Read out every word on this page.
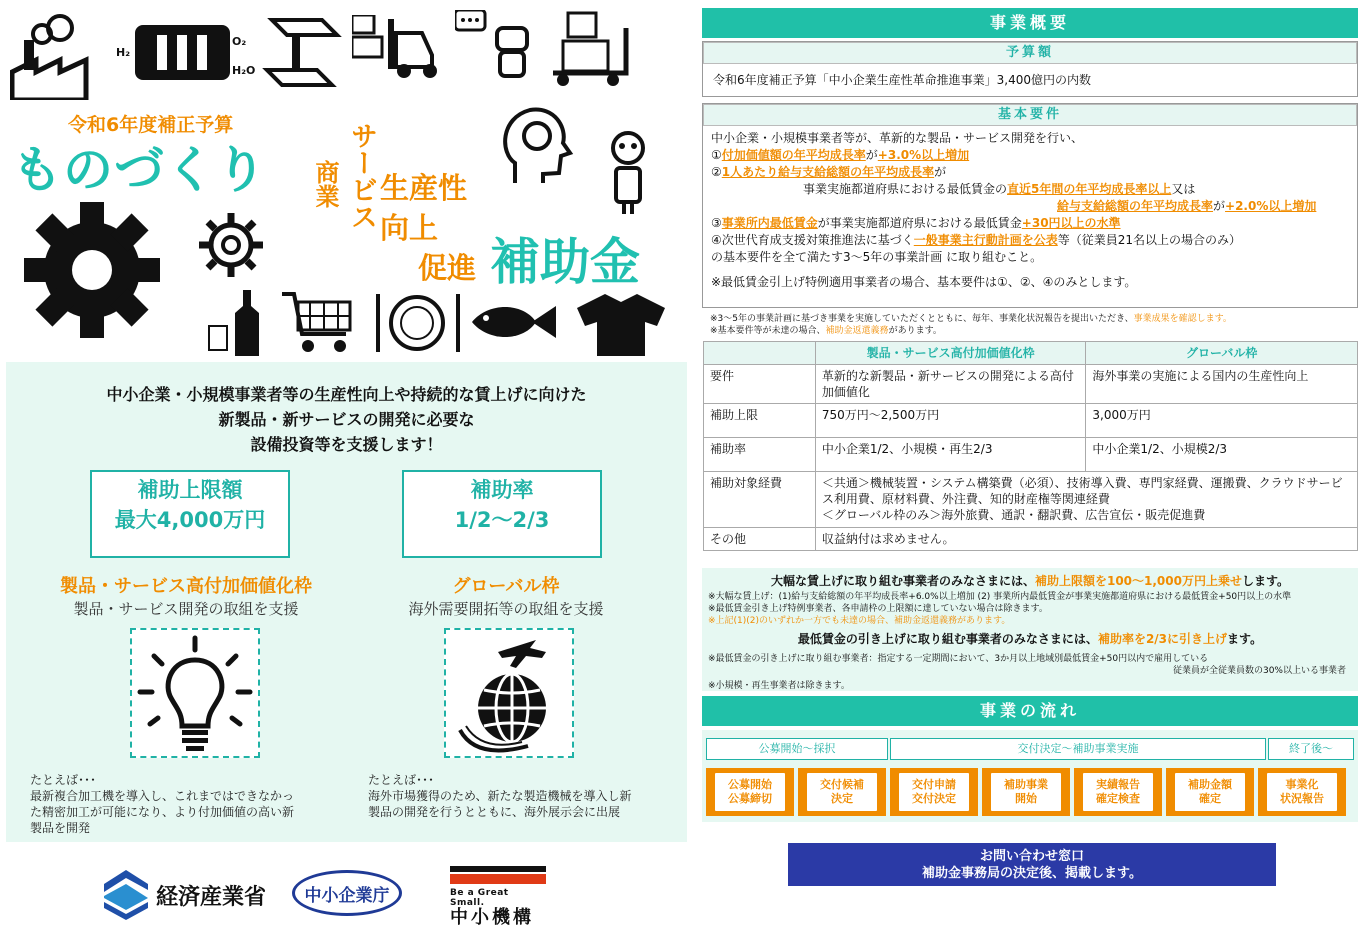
H₂
O₂
H₂O
令和6年度補正予算
ものづくり 商業 サービス 生産性
向上
促進 補助金
中小企業・小規模事業者等の生産性向上や持続的な賃上げに向けた
新製品・新サービスの開発に必要な
設備投資等を支援します！
補助上限額
最大4,000万円
補助率
1/2〜2/3
製品・サービス高付加価値化枠
製品・サービス開発の取組を支援
グローバル枠
海外需要開拓等の取組を支援
たとえば･･･
最新複合加工機を導入し、これまではできなかっ
た精密加工が可能になり、より付加価値の高い新
製品を開発
たとえば･･･
海外市場獲得のため、新たな製造機械を導入し新
製品の開発を行うとともに、海外展示会に出展
経済産業省 中小企業庁	Be a Great Small.
中小機構
事業概要
予算額
令和6年度補正予算「中小企業生産性革命推進事業」3,400億円の内数
基本要件
中小企業・小規模事業者等が、革新的な製品・サービス開発を行い、
①付加価値額の年平均成長率が+3.0%以上増加
②1人あたり給与支給総額の年平均成長率が
事業実施都道府県における最低賃金の直近5年間の年平均成長率以上又は
給与支給総額の年平均成長率が+2.0%以上増加
③事業所内最低賃金が事業実施都道府県における最低賃金+30円以上の水準
④次世代育成支援対策推進法に基づく一般事業主行動計画を公表等（従業員21名以上の場合のみ）
の基本要件を全て満たす3〜5年の事業計画 に取り組むこと。
※最低賃金引上げ特例適用事業者の場合、基本要件は①、②、④のみとします。
※3〜5年の事業計画に基づき事業を実施していただくとともに、毎年、事業化状況報告を提出いただき、事業成果を確認します。
※基本要件等が未達の場合、補助金返還義務があります。
	製品・サービス高付加価値化枠	グローバル枠
要件	革新的な新製品・新サービスの開発による高付加価値化	海外事業の実施による国内の生産性向上
補助上限	750万円〜2,500万円	3,000万円
補助率	中小企業1/2、小規模・再生2/3	中小企業1/2、小規模2/3
補助対象経費	＜共通＞機械装置・システム構築費（必須）、技術導入費、専門家経費、運搬費、クラウドサービス利用費、原材料費、外注費、知的財産権等関連経費
＜グローバル枠のみ＞海外旅費、通訳・翻訳費、広告宣伝・販売促進費	
その他	収益納付は求めません。	
大幅な賃上げに取り組む事業者のみなさまには、補助上限額を100〜1,000万円上乗せします。
※大幅な賃上げ：(1)給与支給総額の年平均成長率+6.0%以上増加 (2) 事業所内最低賃金が事業実施都道府県における最低賃金+50円以上の水準
※最低賃金引き上げ特例事業者、各申請枠の上限額に達していない場合は除きます。
※上記(1)(2)のいずれか一方でも未達の場合、補助金返還義務があります。
最低賃金の引き上げに取り組む事業者のみなさまには、補助率を2/3に引き上げます。
※最低賃金の引き上げに取り組む事業者：指定する一定期間において、3か月以上地域別最低賃金+50円以内で雇用している
従業員が全従業員数の30%以上いる事業者
※小規模・再生事業者は除きます。
事業の流れ
公募開始〜採択	交付決定〜補助事業実施	終了後〜
公募開始
公募締切
交付候補
決定
交付申請
交付決定
補助事業
開始
実績報告
確定検査
補助金額
確定
事業化
状況報告
お問い合わせ窓口
補助金事務局の決定後、掲載します。
